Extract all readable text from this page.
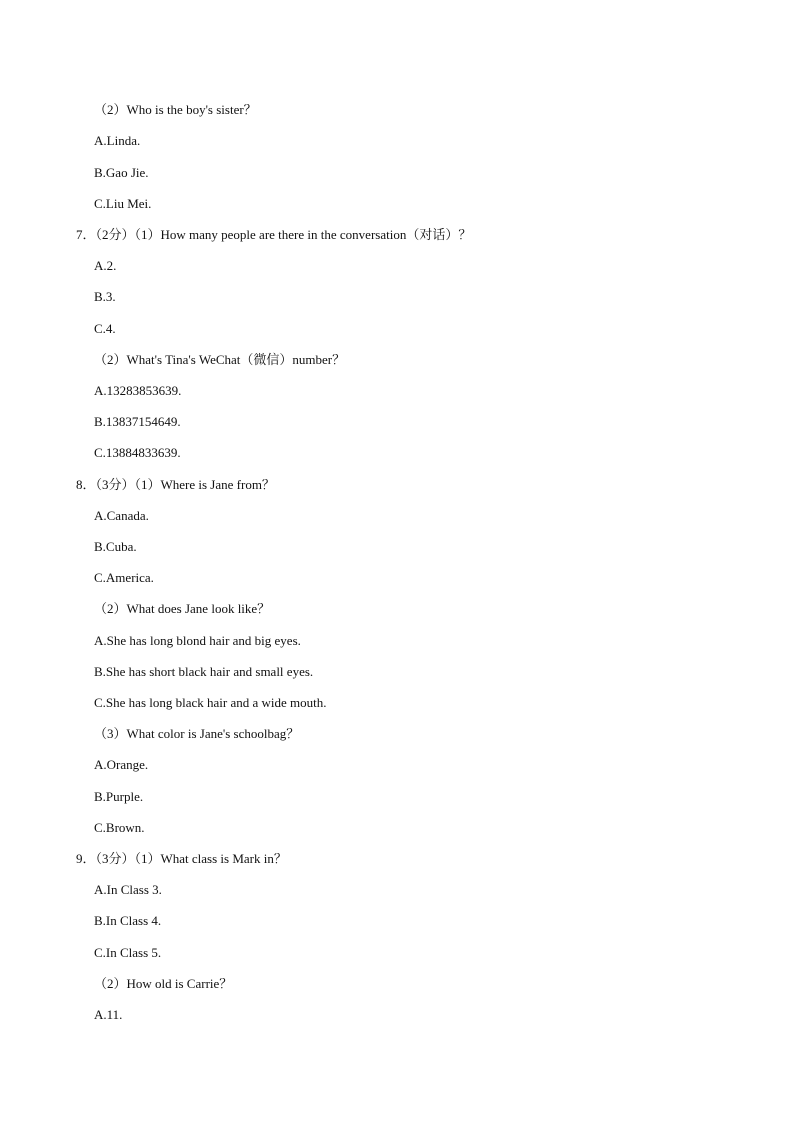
（2）Who is the boy's sister？
A.Linda.
B.Gao Jie.
C.Liu Mei.
7．（2分）（1）How many people are there in the conversation（对话）？
A.2.
B.3.
C.4.
（2）What's Tina's WeChat（微信）number？
A.13283853639.
B.13837154649.
C.13884833639.
8．（3分）（1）Where is Jane from？
A.Canada.
B.Cuba.
C.America.
（2）What does Jane look like？
A.She has long blond hair and big eyes.
B.She has short black hair and small eyes.
C.She has long black hair and a wide mouth.
（3）What color is Jane's schoolbag？
A.Orange.
B.Purple.
C.Brown.
9．（3分）（1）What class is Mark in？
A.In Class 3.
B.In Class 4.
C.In Class 5.
（2）How old is Carrie？
A.11.
